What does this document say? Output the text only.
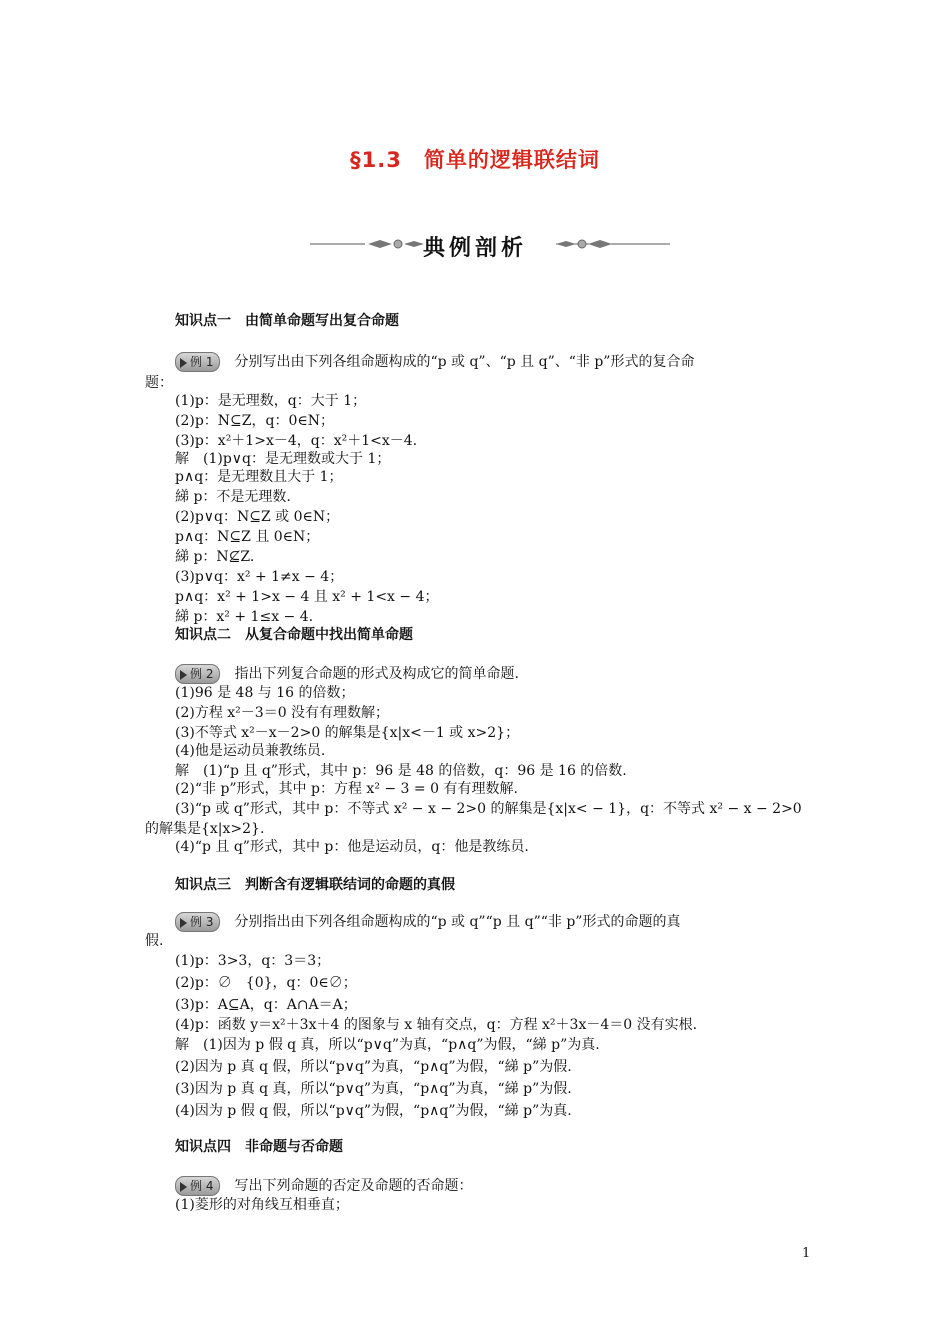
§1.3　简单的逻辑联结词
典例剖析
知识点一　由简单命题写出复合命题
例 1　分别写出由下列各组命题构成的“p 或 q”、“p 且 q”、“非 p”形式的复合命
题：
(1)p：是无理数，q：大于 1；
(2)p：N⊆Z，q：0∈N；
(3)p：x²＋1>x－4，q：x²＋1<x－4.
解　(1)p∨q：是无理数或大于 1；
p∧q：是无理数且大于 1；
綈 p：不是无理数.
(2)p∨q：N⊆Z 或 0∈N；
p∧q：N⊆Z 且 0∈N；
綈 p：N⊈Z.
(3)p∨q：x² + 1≠x − 4；
p∧q：x² + 1>x − 4 且 x² + 1<x − 4；
綈 p：x² + 1≤x − 4.
知识点二　从复合命题中找出简单命题
例 2　指出下列复合命题的形式及构成它的简单命题.
(1)96 是 48 与 16 的倍数；
(2)方程 x²－3＝0 没有有理数解；
(3)不等式 x²－x－2>0 的解集是{x|x<－1 或 x>2}；
(4)他是运动员兼教练员.
解　(1)“p 且 q”形式，其中 p：96 是 48 的倍数，q：96 是 16 的倍数.
(2)“非 p”形式，其中 p：方程 x² − 3 = 0 有有理数解.
(3)“p 或 q”形式，其中 p：不等式 x² − x − 2>0 的解集是{x|x< − 1}，q：不等式 x² − x − 2>0
的解集是{x|x>2}.
(4)“p 且 q”形式，其中 p：他是运动员，q：他是教练员.
知识点三　判断含有逻辑联结词的命题的真假
例 3　分别指出由下列各组命题构成的“p 或 q”“p 且 q”“非 p”形式的命题的真
假.
(1)p：3>3，q：3＝3；
(2)p：∅　{0}，q：0∈∅；
(3)p：A⊆A，q：A∩A＝A；
(4)p：函数 y＝x²＋3x＋4 的图象与 x 轴有交点，q：方程 x²＋3x－4＝0 没有实根.
解　(1)因为 p 假 q 真，所以“p∨q”为真，“p∧q”为假，“綈 p”为真.
(2)因为 p 真 q 假，所以“p∨q”为真，“p∧q”为假，“綈 p”为假.
(3)因为 p 真 q 真，所以“p∨q”为真，“p∧q”为真，“綈 p”为假.
(4)因为 p 假 q 假，所以“p∨q”为假，“p∧q”为假，“綈 p”为真.
知识点四　非命题与否命题
例 4　写出下列命题的否定及命题的否命题：
(1)菱形的对角线互相垂直；
1
